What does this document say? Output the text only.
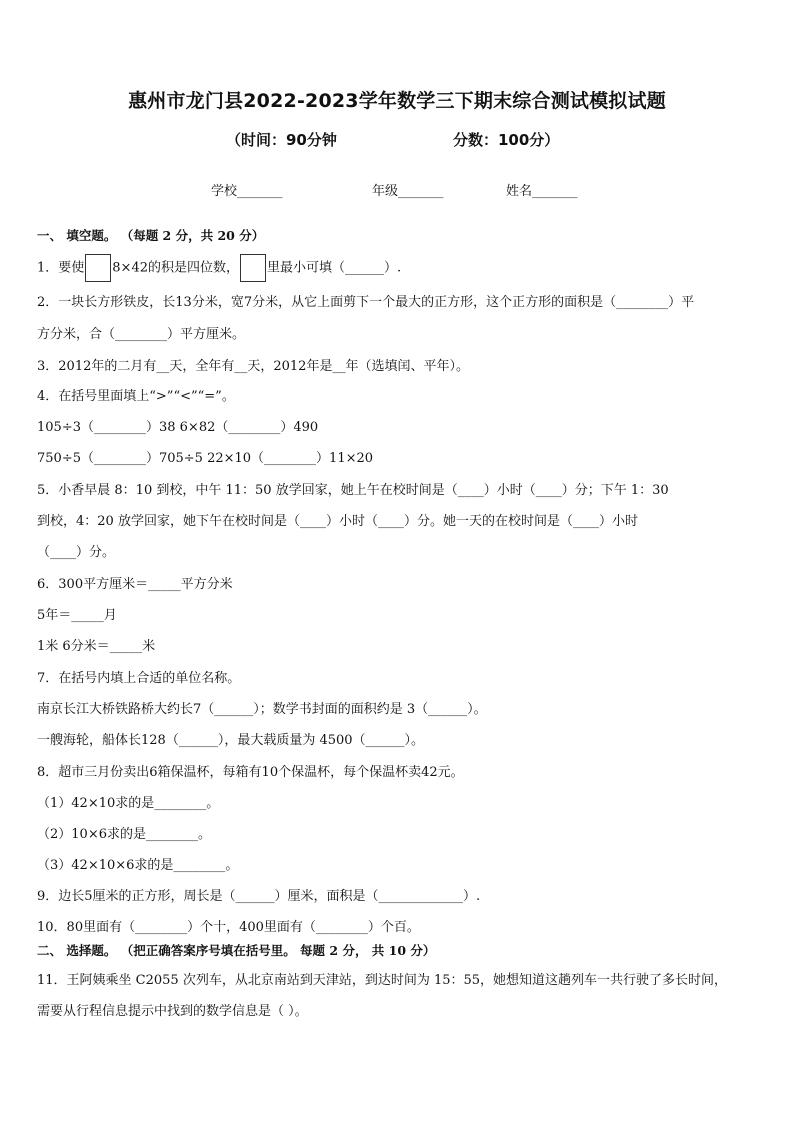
惠州市龙门县2022-2023学年数学三下期末综合测试模拟试题
（时间：90分钟	分数：100分）
学校_______	年级_______	姓名_______
一、 填空题。 （每题 2 分，共 20 分）
1．要使 8×42的积是四位数， 里最小可填（______）.
2．一块长方形铁皮，长13分米，宽7分米，从它上面剪下一个最大的正方形，这个正方形的面积是（________）平
方分米，合（________）平方厘米。
3．2012年的二月有__天，全年有__天，2012年是__年（选填闰、平年）。
4．在括号里面填上“>”“<”“=”。
105÷3（________）38 6×82（________）490
750÷5（________）705÷5 22×10（________）11×20
5．小香早晨 8：10 到校，中午 11：50 放学回家，她上午在校时间是（____）小时（____）分；下午 1：30
到校，4：20 放学回家，她下午在校时间是（____）小时（____）分。她一天的在校时间是（____）小时
（____）分。
6．300平方厘米＝_____平方分米
5年＝_____月
1米 6分米＝_____米
7．在括号内填上合适的单位名称。
南京长江大桥铁路桥大约长7（______）；数学书封面的面积约是 3（______）。
一艘海轮，船体长128（______），最大载质量为 4500（______）。
8．超市三月份卖出6箱保温杯，每箱有10个保温杯，每个保温杯卖42元。
（1）42×10求的是________。
（2）10×6求的是________。
（3）42×10×6求的是________。
9．边长5厘米的正方形，周长是（______）厘米，面积是（_____________）.
10．80里面有（________）个十，400里面有（________）个百。
二、 选择题。 （把正确答案序号填在括号里。 每题 2 分， 共 10 分）
11．王阿姨乘坐 C2055 次列车，从北京南站到天津站，到达时间为 15：55，她想知道这趟列车一共行驶了多长时间，
需要从行程信息提示中找到的数学信息是（ ）。
